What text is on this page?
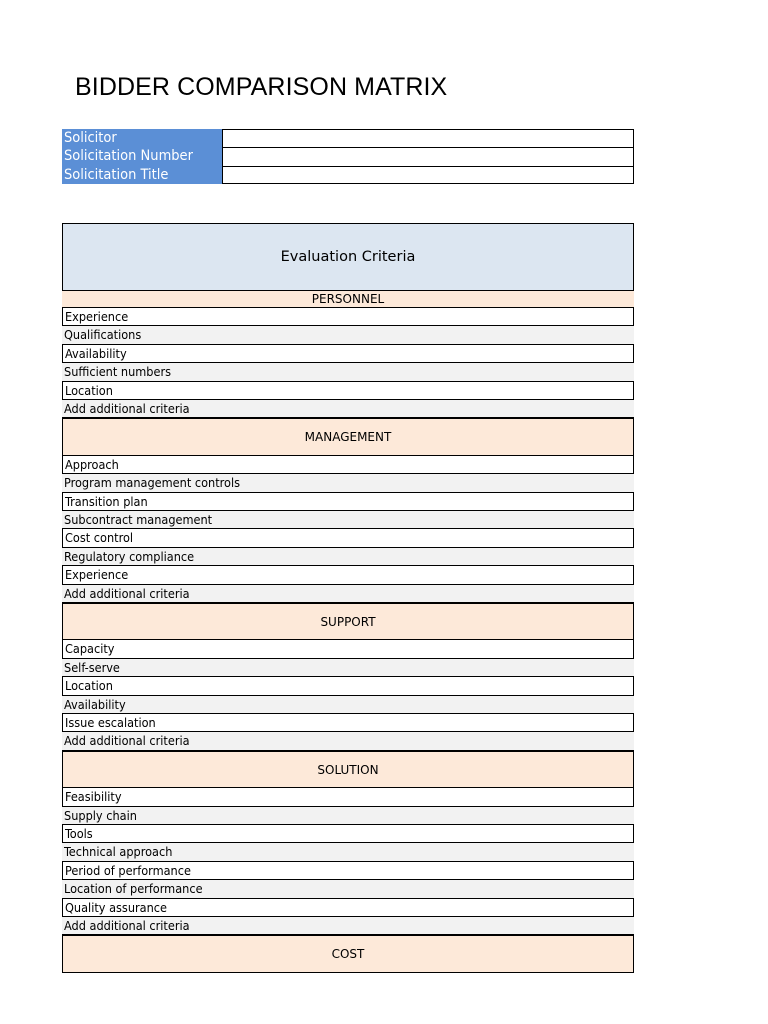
BIDDER COMPARISON MATRIX
Solicitor
Solicitation Number
Solicitation Title
Evaluation Criteria
PERSONNEL
Experience
Qualifications
Availability
Sufficient numbers
Location
Add additional criteria
MANAGEMENT
Approach
Program management controls
Transition plan
Subcontract management
Cost control
Regulatory compliance
Experience
Add additional criteria
SUPPORT
Capacity
Self-serve
Location
Availability
Issue escalation
Add additional criteria
SOLUTION
Feasibility
Supply chain
Tools
Technical approach
Period of performance
Location of performance
Quality assurance
Add additional criteria
COST
